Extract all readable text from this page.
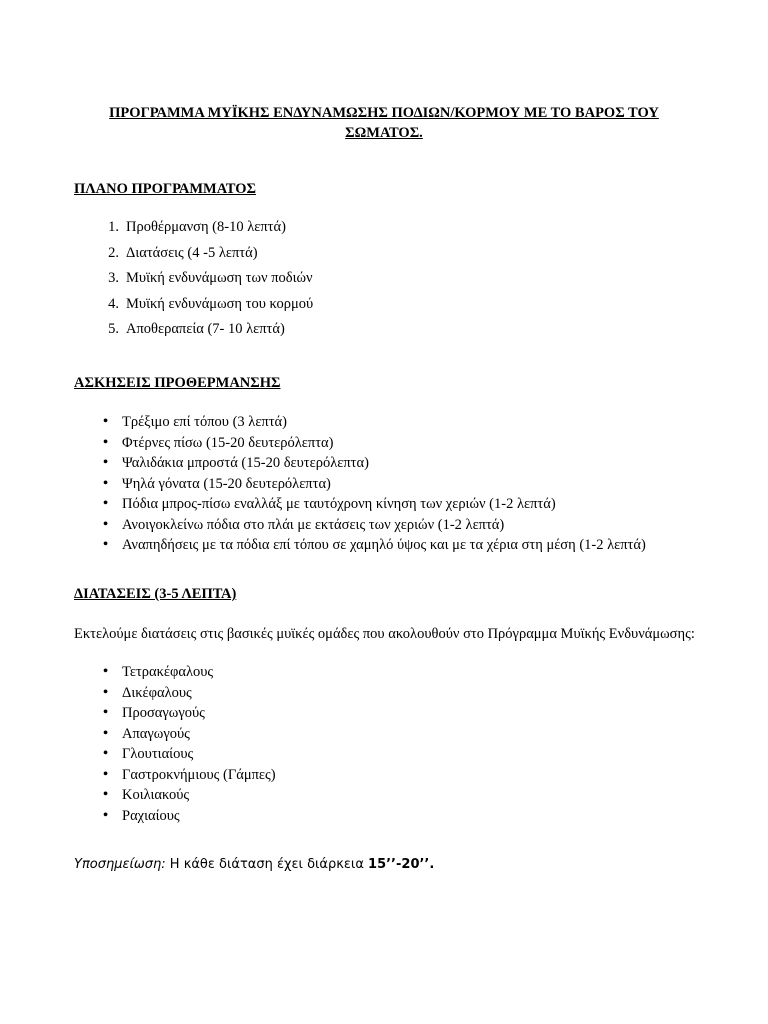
ΠΡΟΓΡΑΜΜΑ ΜΥΪΚΗΣ ΕΝΔΥΝΑΜΩΣΗΣ ΠΟΔΙΩΝ/ΚΟΡΜΟΥ ΜΕ ΤΟ ΒΑΡΟΣ ΤΟΥ ΣΩΜΑΤΟΣ.
ΠΛΑΝΟ ΠΡΟΓΡΑΜΜΑΤΟΣ
1. Προθέρμανση (8-10 λεπτά)
2. Διατάσεις (4 -5 λεπτά)
3. Μυϊκή ενδυνάμωση των ποδιών
4. Μυϊκή ενδυνάμωση του κορμού
5. Αποθεραπεία (7- 10 λεπτά)
ΑΣΚΗΣΕΙΣ ΠΡΟΘΕΡΜΑΝΣΗΣ
• Τρέξιμο επί τόπου (3 λεπτά)
• Φτέρνες πίσω (15-20 δευτερόλεπτα)
• Ψαλιδάκια μπροστά (15-20 δευτερόλεπτα)
• Ψηλά γόνατα (15-20 δευτερόλεπτα)
• Πόδια μπρος-πίσω εναλλάξ με ταυτόχρονη κίνηση των χεριών (1-2 λεπτά)
• Ανοιγοκλείνω πόδια στο πλάι με εκτάσεις των χεριών (1-2 λεπτά)
• Αναπηδήσεις με τα πόδια επί τόπου σε χαμηλό ύψος και με τα χέρια στη μέση (1-2 λεπτά)
ΔΙΑΤΑΣΕΙΣ (3-5 ΛΕΠΤΑ)
Εκτελούμε διατάσεις στις βασικές μυϊκές ομάδες που ακολουθούν στο Πρόγραμμα Μυϊκής Ενδυνάμωσης:
• Τετρακέφαλους
• Δικέφαλους
• Προσαγωγούς
• Απαγωγούς
• Γλουτιαίους
• Γαστροκνήμιους (Γάμπες)
• Κοιλιακούς
• Ραχιαίους
Υποσημείωση: Η κάθε διάταση έχει διάρκεια 15’’-20’’.
